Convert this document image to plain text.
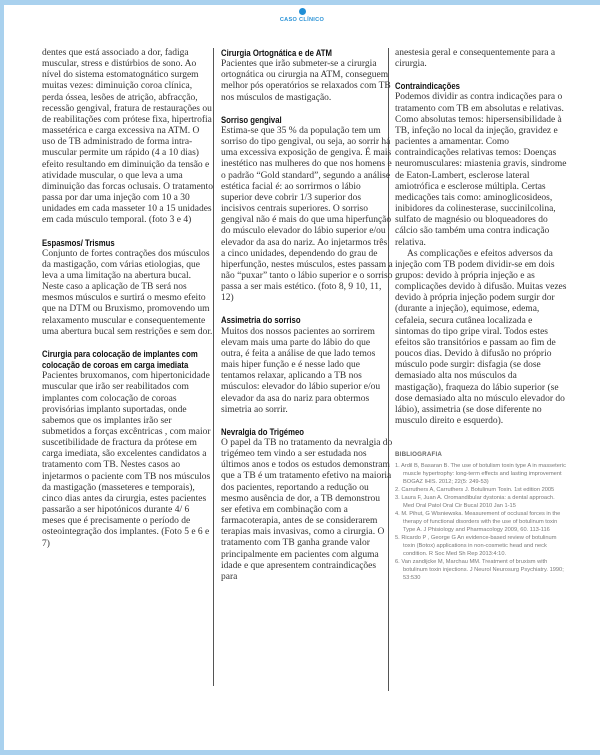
CASO CLÍNICO

dentes que está associado a dor, fadiga muscular, stress e distúrbios de sono. Ao nível do sistema estomatognático surgem muitas vezes: diminuição coroa clínica, perda óssea, lesões de atrição, abfracção, recessão gengival, fratura de restaurações ou de reabilitações com prótese fixa, hipertrofia massetérica e carga excessiva na ATM. O uso de TB administrado de forma intra-muscular permite um rápido (4 a 10 dias) efeito resultando em diminuição da tensão e atividade muscular, o que leva a uma diminuição das forcas oclusais. O tratamento passa por dar uma injeção com 10 a 30 unidades em cada masseter 10 a 15 unidades em cada músculo temporal. (foto 3 e 4)

Espasmos/ Trismus

Conjunto de fortes contrações dos músculos da mastigação, com várias etiologias, que leva a uma limitação na abertura bucal. Neste caso a aplicação de TB será nos mesmos músculos e surtirá o mesmo efeito que na DTM ou Bruxismo, promovendo um relaxamento muscular e consequentemente uma abertura bucal sem restrições e sem dor.

Cirurgia para colocação de implantes com colocação de coroas em carga imediata

Pacientes bruxomanos, com hipertonicidade muscular que irão ser reabilitados com implantes com colocação de coroas provisórias implanto suportadas, onde sabemos que os implantes irão ser submetidos a forças excêntricas , com maior suscetibilidade de fractura da prótese em carga imediata, são excelentes candidatos a tratamento com TB. Nestes casos ao injetarmos o paciente com TB nos músculos da mastigação (masseteres e temporais), cinco dias antes da cirurgia, estes pacientes passarão a ser hipotónicos durante 4/ 6 meses que é precisamente o período de osteointegração dos implantes. (Foto 5 e 6 e 7)

Cirurgia Ortognática e de ATM

Pacientes que irão submeter-se a cirurgia ortognática ou cirurgia na ATM, conseguem melhor pós operatórios se relaxados com TB nos músculos de mastigação.

Sorriso gengival

Estima-se que 35 % da população tem um sorriso do tipo gengival, ou seja, ao sorrir há uma excessiva exposição de gengiva. É mais inestético nas mulheres do que nos homens e o padrão “Gold standard”, segundo a análise estética facial é: ao sorrirmos o lábio superior deve cobrir 1/3 superior dos incisivos centrais superiores. O sorriso gengival não é mais do que uma hiperfunção do músculo elevador do lábio superior e/ou elevador da asa do nariz. Ao injetarmos três a cinco unidades, dependendo do grau de hiperfunção, nestes músculos, estes passam a não “puxar” tanto o lábio superior e o sorriso passa a ser mais estético. (foto 8, 9 10, 11, 12)

Assimetria do sorriso

Muitos dos nossos pacientes ao sorrirem elevam mais uma parte do lábio do que outra, é feita a análise de que lado temos mais hiper função e é nesse lado que tentamos relaxar, aplicando a TB nos músculos: elevador do lábio superior e/ou elevador da asa do nariz para obtermos simetria ao sorrir.

Nevralgia do Trigémeo

O papel da TB no tratamento da nevralgia do trigémeo tem vindo a ser estudada nos últimos anos e todos os estudos demonstram que a TB é um tratamento efetivo na maioria dos pacientes, reportando a redução ou mesmo ausência de dor, a TB demonstrou ser efetiva em combinação com a farmacoterapia, antes de se considerarem terapias mais invasivas, como a cirurgia. O tratamento com TB ganha grande valor principalmente em pacientes com alguma idade e que apresentem contraindicações para

anestesia geral e consequentemente para a cirurgia.

Contraindicações

Podemos dividir as contra indicações para o tratamento com TB em absolutas e relativas. Como absolutas temos: hipersensibilidade à TB, infeção no local da injeção, gravidez e pacientes a amamentar. Como contraindicações relativas temos: Doenças neuromusculares: miastenia gravis, sindrome de Eaton-Lambert, esclerose lateral amiotrófica e esclerose múltipla. Certas medicações tais como: aminoglicosideos, inibidores da colinesterase, succinilcolina, sulfato de magnésio ou bloqueadores do cálcio são também uma contra indicação relativa.

As complicações e efeitos adversos da injeção com TB podem dividir-se em dois grupos: devido à própria injeção e as complicações devido à difusão. Muitas vezes devido à própria injeção podem surgir dor (durante a injeção), equimose, edema, cefaleia, secura cutânea localizada e sintomas do tipo gripe viral. Todos estes efeitos são transitórios e passam ao fim de poucos dias. Devido à difusão no próprio músculo pode surgir: disfagia (se dose demasiado alta nos músculos da mastigação), fraqueza do lábio superior (se dose demasiado alta no músculo elevador do lábio), assimetria (se dose diferente no musculo direito e esquerdo).

BIBLIOGRAFIA
1. Ardil B, Basaran B. The use of botulism toxin type A in masseteric muscle hypertrophy: long-term effects and lasting improvement BOGAZ IHIS. 2012; 22(5: 249-53)
2. Carruthers A, Carruthers J. Botulinum Toxin. 1st edition 2005
3. Laura F, Juan A. Oromandibular dystonia: a dental approach. Med Oral Patol Oral Cir Bucal 2010 Jan 1-15
4. M. Pihut, G Wisniewska. Measurement of occlusal forces in the therapy of functional disorders with the use of botulinum toxin Type A. J Phisiology and Pharmacology 2009, 60. 113-116
5. Ricardo P , George G An evidence-based review of botulinum toxin (Botox) applications in non-cosmetic head and neck condition. R Soc Med Sh Rep 2013:4:10.
6. Van zandijcke M, Marchau MM. Treatment of bruxism with botulinum toxin injections. J Neurol Neurosurg Psychiatry. 1990; 53:530
